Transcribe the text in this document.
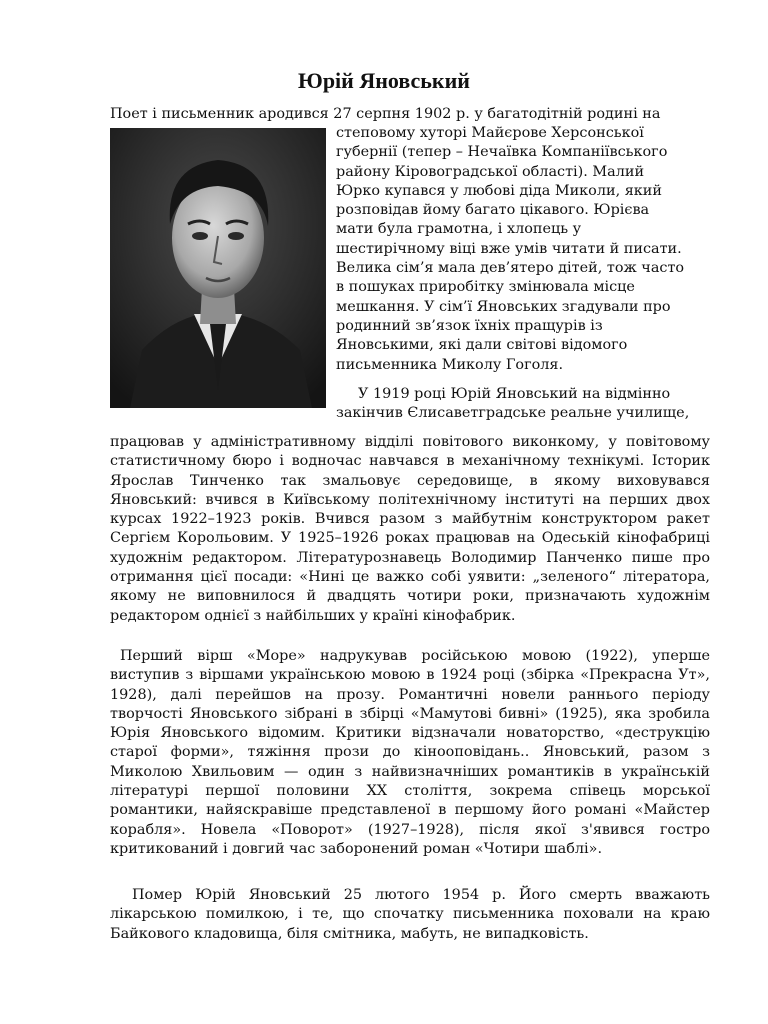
Юрій Яновський

Поет і письменник ародився 27 серпня 1902 р. у багатодітній родині на

степовому хуторі Майєрове Херсонської
губернії (тепер – Нечаївка Компаніївського
району Кіровоградської області). Малий
Юрко купався у любові діда Миколи, який
розповідав йому багато цікавого. Юрієва
мати була грамотна, і хлопець у
шестирічному віці вже умів читати й писати.
Велика сім’я мала дев’ятеро дітей, тож часто
в пошуках приробітку змінювала місце
мешкання. У сім’ї Яновських згадували про
родинний зв’язок їхніх пращурів із
Яновськими, які дали світові відомого
письменника Миколу Гоголя.
У 1919 році Юрій Яновський на відмінно
закінчив Єлисаветградське реальне училище,

працював у адміністративному відділі повітового виконкому, у повітовому статистичному бюро і водночас навчався в механічному технікумі. Історик Ярослав Тинченко так змальовує середовище, в якому виховувався Яновський: вчився в Київському політехнічному інституті на перших двох курсах 1922–1923 років. Вчився разом з майбутнім конструктором ракет Сергієм Корольовим. У 1925–1926 роках працював на Одеській кінофабриці художнім редактором. Літературознавець Володимир Панченко пише про отримання цієї посади: «Нині це важко собі уявити: „зеленого“ літератора, якому не виповнилося й двадцять чотири роки, призначають художнім редактором однієї з найбільших у країні кінофабрик.

Перший вірш «Море» надрукував російською мовою (1922), уперше виступив з віршами українською мовою в 1924 році (збірка «Прекрасна Ут», 1928), далі перейшов на прозу. Романтичні новели раннього періоду творчості Яновського зібрані в збірці «Мамутові бивні» (1925), яка зробила Юрія Яновського відомим. Критики відзначали новаторство, «деструкцію старої форми», тяжіння прози до кінооповідань.. Яновський, разом з Миколою Хвильовим — один з найвизначніших романтиків в українській літературі першої половини XX століття, зокрема співець морської романтики, найяскравіше представленої в першому його романі «Майстер корабля». Новела «Поворот» (1927–1928), після якої з'явився гостро критикований і довгий час заборонений роман «Чотири шаблі».

Помер Юрій Яновський 25 лютого 1954 р. Його смерть вважають лікарською помилкою, і те, що спочатку письменника поховали на краю Байкового кладовища, біля смітника, мабуть, не випадковість.
